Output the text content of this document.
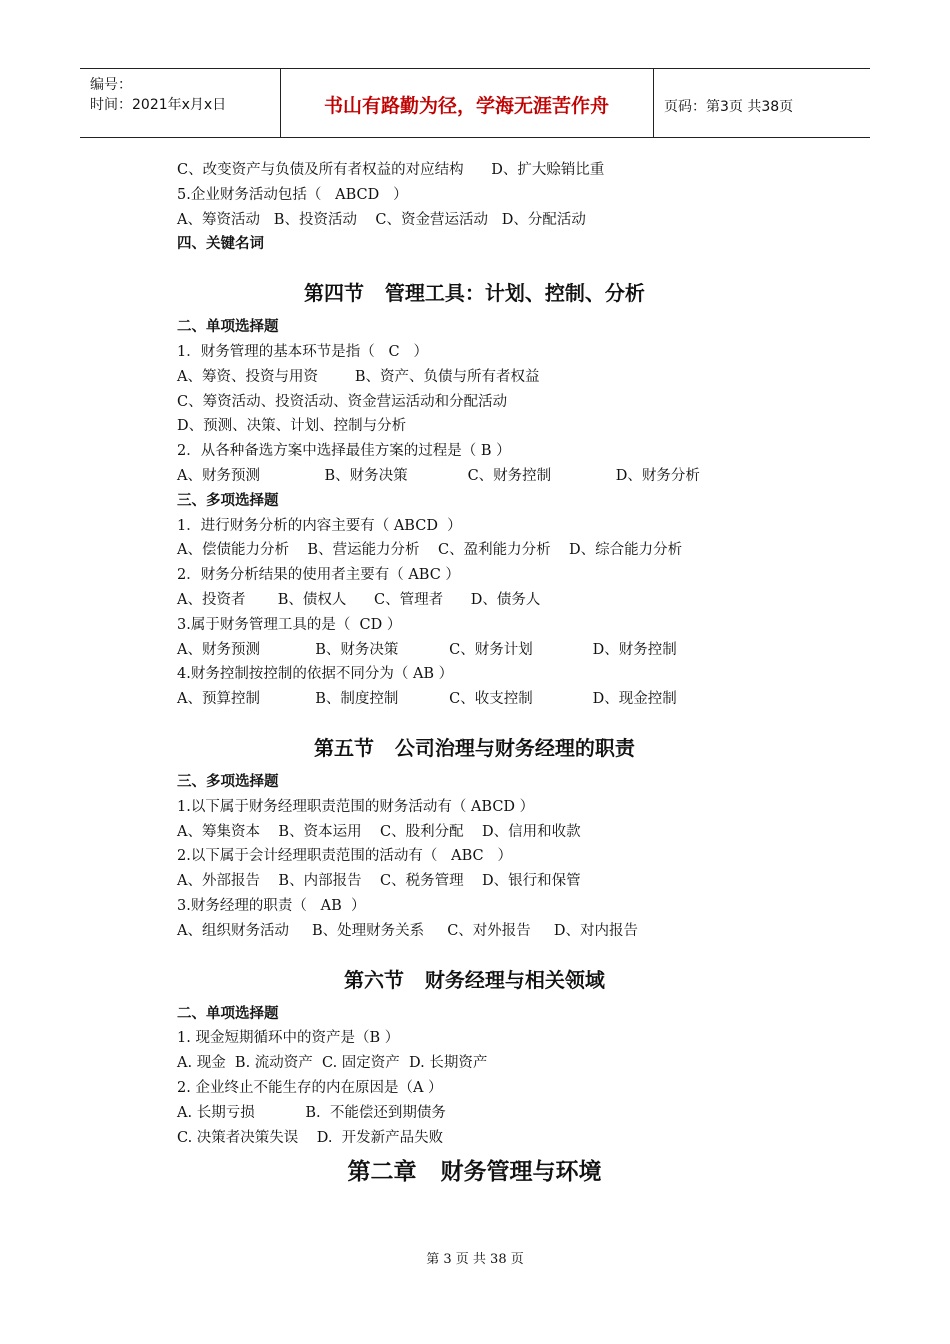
编号：
时间：2021年x月x日	书山有路勤为径，学海无涯苦作舟	页码：第3页 共38页
C、改变资产与负债及所有者权益的对应结构      D、扩大赊销比重
5.企业财务活动包括（   ABCD   ）
A、筹资活动   B、投资活动    C、资金营运活动   D、分配活动
四、关键名词
第四节   管理工具：计划、控制、分析
二、单项选择题
1．财务管理的基本环节是指（   C   ）
A、筹资、投资与用资        B、资产、负债与所有者权益
C、筹资活动、投资活动、资金营运活动和分配活动
D、预测、决策、计划、控制与分析
2．从各种备选方案中选择最佳方案的过程是（ B ）
A、财务预测              B、财务决策             C、财务控制              D、财务分析
三、多项选择题
1．进行财务分析的内容主要有（ ABCD  ）
A、偿债能力分析    B、营运能力分析    C、盈利能力分析    D、综合能力分析
2．财务分析结果的使用者主要有（ ABC ）
A、投资者       B、债权人      C、管理者      D、债务人
3.属于财务管理工具的是（  CD ）
A、财务预测            B、财务决策           C、财务计划             D、财务控制
4.财务控制按控制的依据不同分为（ AB ）
A、预算控制            B、制度控制           C、收支控制             D、现金控制
第五节   公司治理与财务经理的职责
三、多项选择题
1.以下属于财务经理职责范围的财务活动有（ ABCD ）
A、筹集资本    B、资本运用    C、股利分配    D、信用和收款
2.以下属于会计经理职责范围的活动有（   ABC   ）
A、外部报告    B、内部报告    C、税务管理    D、银行和保管
3.财务经理的职责（   AB  ）
A、组织财务活动     B、处理财务关系     C、对外报告     D、对内报告
第六节   财务经理与相关领域
二、单项选择题
1. 现金短期循环中的资产是（B ）
A. 现金  B. 流动资产  C. 固定资产  D. 长期资产
2. 企业终止不能生存的内在原因是（A ）
A. 长期亏损           B.  不能偿还到期债务
C. 决策者决策失误    D.  开发新产品失败
第二章   财务管理与环境
第 3 页 共 38 页
